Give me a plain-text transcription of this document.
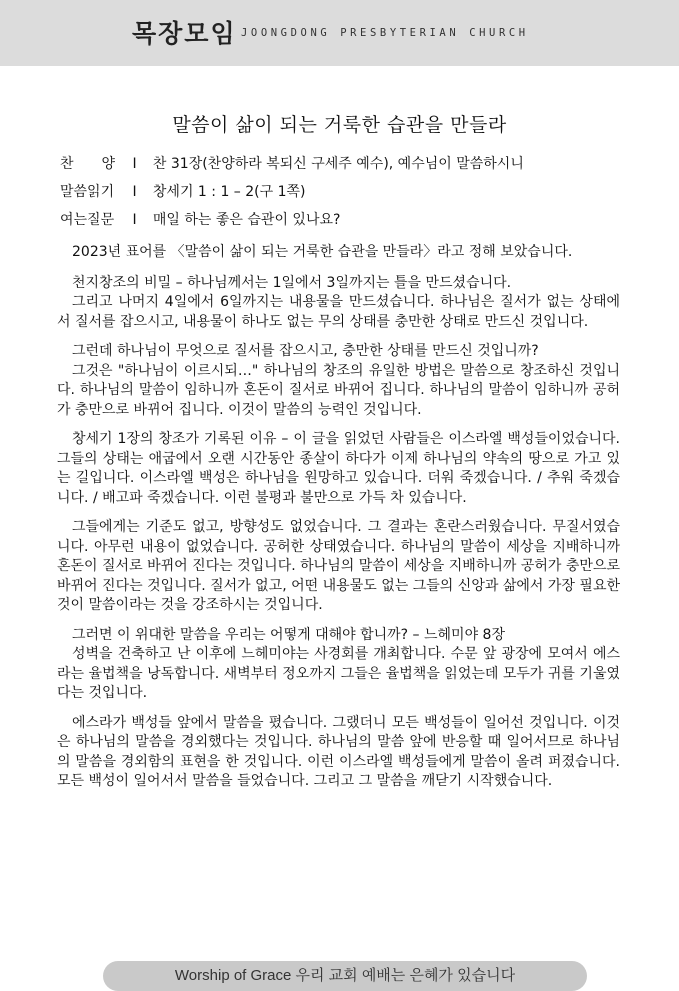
목장모임 JOONGDONG PRESBYTERIAN CHURCH
말씀이 삶이 되는 거룩한 습관을 만들라
찬　　양 I 찬 31장(찬양하라 복되신 구세주 예수), 예수님이 말씀하시니
말씀읽기 I 창세기 1 : 1 – 2(구 1쪽)
여는질문 I 매일 하는 좋은 습관이 있나요?
2023년 표어를 〈말씀이 삶이 되는 거룩한 습관을 만들라〉라고 정해 보았습니다.
천지창조의 비밀 – 하나님께서는 1일에서 3일까지는 틀을 만드셨습니다.
그리고 나머지 4일에서 6일까지는 내용물을 만드셨습니다. 하나님은 질서가 없는 상태에서 질서를 잡으시고, 내용물이 하나도 없는 무의 상태를 충만한 상태로 만드신 것입니다.
그런데 하나님이 무엇으로 질서를 잡으시고, 충만한 상태를 만드신 것입니까?
그것은 "하나님이 이르시되…" 하나님의 창조의 유일한 방법은 말씀으로 창조하신 것입니다. 하나님의 말씀이 임하니까 혼돈이 질서로 바뀌어 집니다. 하나님의 말씀이 임하니까 공허가 충만으로 바뀌어 집니다. 이것이 말씀의 능력인 것입니다.
창세기 1장의 창조가 기록된 이유 – 이 글을 읽었던 사람들은 이스라엘 백성들이었습니다. 그들의 상태는 애굽에서 오랜 시간동안 종살이 하다가 이제 하나님의 약속의 땅으로 가고 있는 길입니다. 이스라엘 백성은 하나님을 원망하고 있습니다. 더워 죽겠습니다. / 추워 죽겠습니다. / 배고파 죽겠습니다. 이런 불평과 불만으로 가득 차 있습니다.
그들에게는 기준도 없고, 방향성도 없었습니다. 그 결과는 혼란스러웠습니다. 무질서였습니다. 아무런 내용이 없었습니다. 공허한 상태였습니다. 하나님의 말씀이 세상을 지배하니까 혼돈이 질서로 바뀌어 진다는 것입니다. 하나님의 말씀이 세상을 지배하니까 공허가 충만으로 바뀌어 진다는 것입니다. 질서가 없고, 어떤 내용물도 없는 그들의 신앙과 삶에서 가장 필요한 것이 말씀이라는 것을 강조하시는 것입니다.
그러면 이 위대한 말씀을 우리는 어떻게 대해야 합니까? – 느헤미야 8장
성벽을 건축하고 난 이후에 느헤미야는 사경회를 개최합니다. 수문 앞 광장에 모여서 에스라는 율법책을 낭독합니다. 새벽부터 정오까지 그들은 율법책을 읽었는데 모두가 귀를 기울였다는 것입니다.
에스라가 백성들 앞에서 말씀을 폈습니다. 그랬더니 모든 백성들이 일어선 것입니다. 이것은 하나님의 말씀을 경외했다는 것입니다. 하나님의 말씀 앞에 반응할 때 일어서므로 하나님의 말씀을 경외함의 표현을 한 것입니다. 이런 이스라엘 백성들에게 말씀이 올려 퍼졌습니다. 모든 백성이 일어서서 말씀을 들었습니다. 그리고 그 말씀을 깨닫기 시작했습니다.
Worship of Grace 우리 교회 예배는 은혜가 있습니다
